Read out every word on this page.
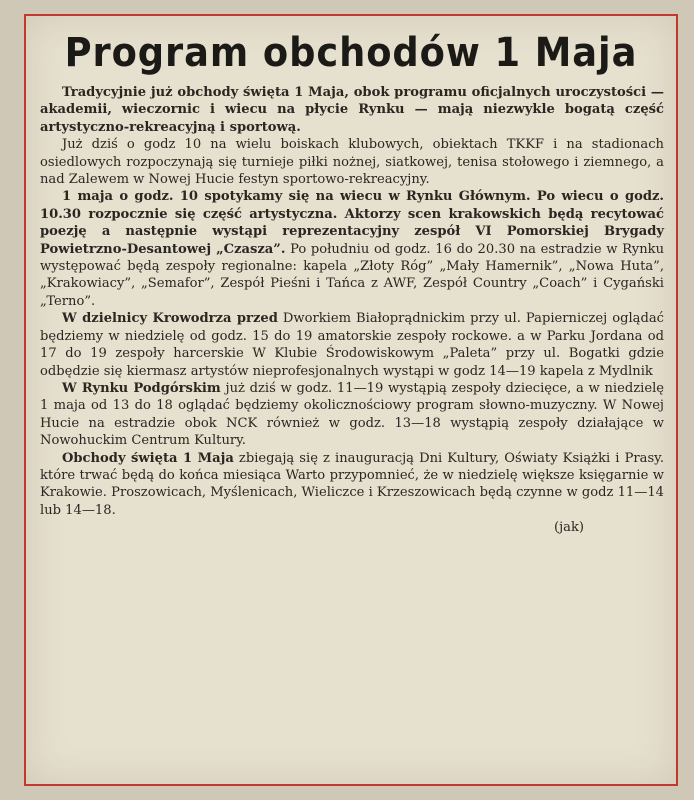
Program obchodów 1 Maja

Tradycyjnie już obchody święta 1 Maja, obok programu oficjalnych uroczystości — akademii, wieczornic i wiecu na płycie Rynku — mają niezwykle bogatą część artystyczno-rekreacyjną i sportową.

Już dziś o godz 10 na wielu boiskach klubowych, obiektach TKKF i na stadionach osiedlowych rozpoczynają się turnieje piłki nożnej, siatkowej, tenisa stołowego i ziemnego, a nad Zalewem w Nowej Hucie festyn sportowo-rekreacyjny.

1 maja o godz. 10 spotykamy się na wiecu w Rynku Głównym. Po wiecu o godz. 10.30 rozpocznie się część artystyczna. Aktorzy scen krakowskich będą recytować poezję a następnie wystąpi reprezentacyjny zespół VI Pomorskiej Brygady Powietrzno-Desantowej „Czasza”. Po południu od godz. 16 do 20.30 na estradzie w Rynku występować będą zespoły regionalne: kapela „Złoty Róg” „Mały Hamernik”, „Nowa Huta”, „Krakowiacy”, „Semafor”, Zespół Pieśni i Tańca z AWF, Zespół Country „Coach” i Cygański „Terno”.

W dzielnicy Krowodrza przed Dworkiem Białoprądnickim przy ul. Papierniczej oglądać będziemy w niedzielę od godz. 15 do 19 amatorskie zespoły rockowe. a w Parku Jordana od 17 do 19 zespoły harcerskie W Klubie Środowiskowym „Paleta” przy ul. Bogatki gdzie odbędzie się kiermasz artystów nieprofesjonalnych wystąpi w godz 14—19 kapela z Mydlnik

W Rynku Podgórskim już dziś w godz. 11—19 wystąpią zespoły dziecięce, a w niedzielę 1 maja od 13 do 18 oglądać będziemy okolicznościowy program słowno-muzyczny. W Nowej Hucie na estradzie obok NCK również w godz. 13—18 wystąpią zespoły działające w Nowohuckim Centrum Kultury.

Obchody święta 1 Maja zbiegają się z inauguracją Dni Kultury, Oświaty Książki i Prasy. które trwać będą do końca miesiąca Warto przypomnieć, że w niedzielę większe księgarnie w Krakowie. Proszowicach, Myślenicach, Wieliczce i Krzeszowicach będą czynne w godz 11—14 lub 14—18.

(jak)
